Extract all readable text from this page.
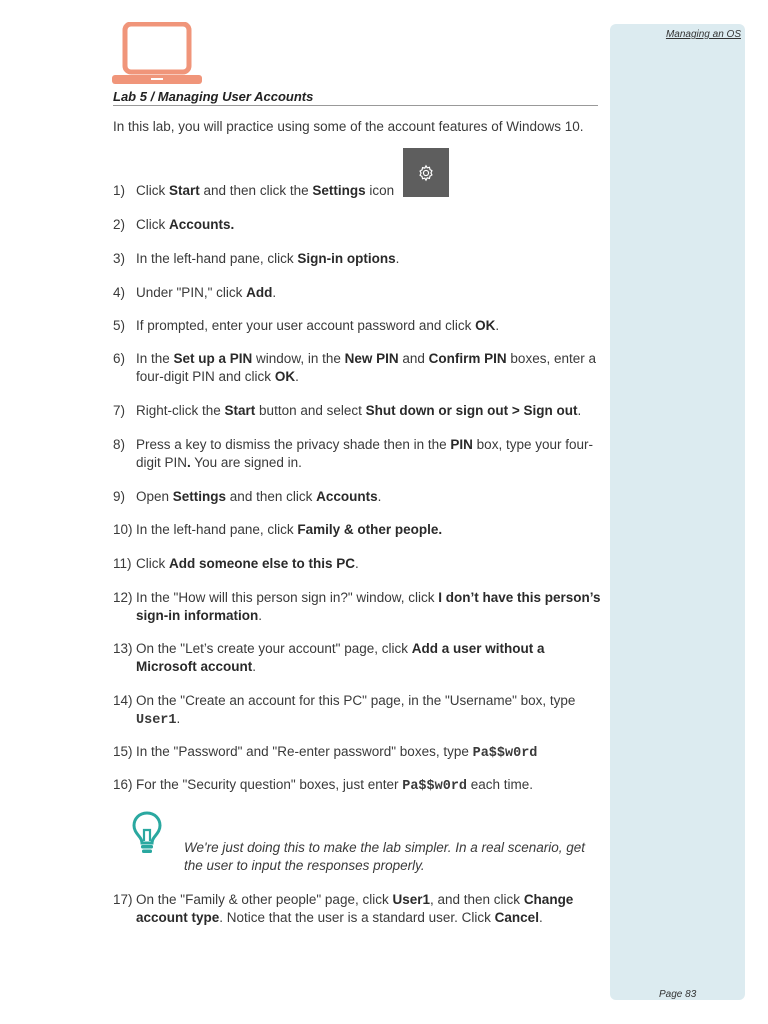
Managing an OS
Lab 5 / Managing User Accounts
In this lab, you will practice using some of the account features of Windows 10.
1) Click Start and then click the Settings icon
2) Click Accounts.
3) In the left-hand pane, click Sign-in options.
4) Under "PIN," click Add.
5) If prompted, enter your user account password and click OK.
6) In the Set up a PIN window, in the New PIN and Confirm PIN boxes, enter a four-digit PIN and click OK.
7) Right-click the Start button and select Shut down or sign out > Sign out.
8) Press a key to dismiss the privacy shade then in the PIN box, type your four-digit PIN. You are signed in.
9) Open Settings and then click Accounts.
10) In the left-hand pane, click Family & other people.
11) Click Add someone else to this PC.
12) In the "How will this person sign in?" window, click I don’t have this person’s sign-in information.
13) On the "Let’s create your account" page, click Add a user without a Microsoft account.
14) On the "Create an account for this PC" page, in the "Username" box, type User1.
15) In the "Password" and "Re-enter password" boxes, type Pa$$w0rd
16) For the "Security question" boxes, just enter Pa$$w0rd each time.
We're just doing this to make the lab simpler. In a real scenario, get the user to input the responses properly.
17) On the "Family & other people" page, click User1, and then click Change account type. Notice that the user is a standard user. Click Cancel.
Page 83
